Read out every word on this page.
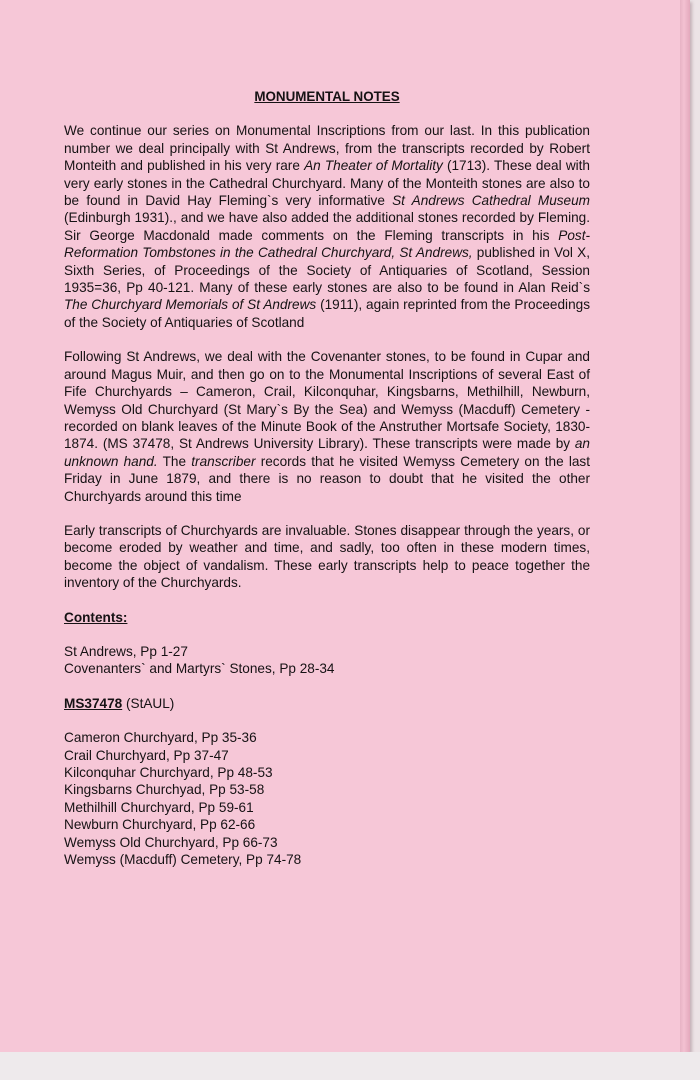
MONUMENTAL NOTES

We continue our series on Monumental Inscriptions from our last. In this publication number we deal principally with St Andrews, from the transcripts recorded by Robert Monteith and published in his very rare An Theater of Mortality (1713). These deal with very early stones in the Cathedral Churchyard. Many of the Monteith stones are also to be found in David Hay Fleming`s very informative St Andrews Cathedral Museum (Edinburgh 1931)., and we have also added the additional stones recorded by Fleming. Sir George Macdonald made comments on the Fleming transcripts in his Post-Reformation Tombstones in the Cathedral Churchyard, St Andrews, published in Vol X, Sixth Series, of Proceedings of the Society of Antiquaries of Scotland, Session 1935=36, Pp 40-121. Many of these early stones are also to be found in Alan Reid`s The Churchyard Memorials of St Andrews (1911), again reprinted from the Proceedings of the Society of Antiquaries of Scotland

Following St Andrews, we deal with the Covenanter stones, to be found in Cupar and around Magus Muir, and then go on to the Monumental Inscriptions of several East of Fife Churchyards – Cameron, Crail, Kilconquhar, Kingsbarns, Methilhill, Newburn, Wemyss Old Churchyard (St Mary`s By the Sea) and Wemyss (Macduff) Cemetery - recorded on blank leaves of the Minute Book of the Anstruther Mortsafe Society, 1830-1874. (MS 37478, St Andrews University Library). These transcripts were made by an unknown hand. The transcriber records that he visited Wemyss Cemetery on the last Friday in June 1879, and there is no reason to doubt that he visited the other Churchyards around this time

Early transcripts of Churchyards are invaluable. Stones disappear through the years, or become eroded by weather and time, and sadly, too often in these modern times, become the object of vandalism. These early transcripts help to peace together the inventory of the Churchyards.

Contents:
St Andrews, Pp 1-27
Covenanters` and Martyrs` Stones, Pp 28-34
MS37478 (StAUL)
Cameron Churchyard, Pp 35-36
Crail Churchyard, Pp 37-47
Kilconquhar Churchyard, Pp 48-53
Kingsbarns Churchyad, Pp 53-58
Methilhill Churchyard, Pp 59-61
Newburn Churchyard, Pp 62-66
Wemyss Old Churchyard, Pp 66-73
Wemyss (Macduff) Cemetery, Pp 74-78
